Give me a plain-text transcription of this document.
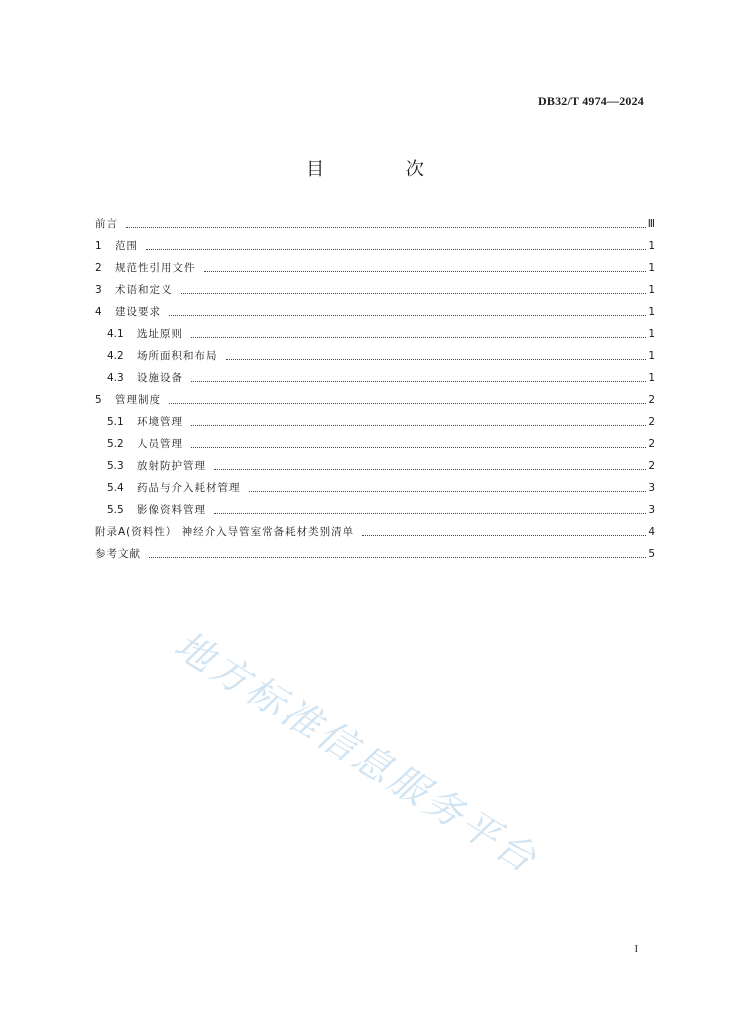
DB32/T 4974—2024
目 次
前言	Ⅲ
1	范围	1
2	规范性引用文件	1
3	术语和定义	1
4	建设要求	1
4.1	选址原则	1
4.2	场所面积和布局	1
4.3	设施设备	1
5	管理制度	2
5.1	环境管理	2
5.2	人员管理	2
5.3	放射防护管理	2
5.4	药品与介入耗材管理	3
5.5	影像资料管理	3
附录A(资料性） 神经介入导管室常备耗材类别清单	4
参考文献	5
地方标准信息服务平台
I
